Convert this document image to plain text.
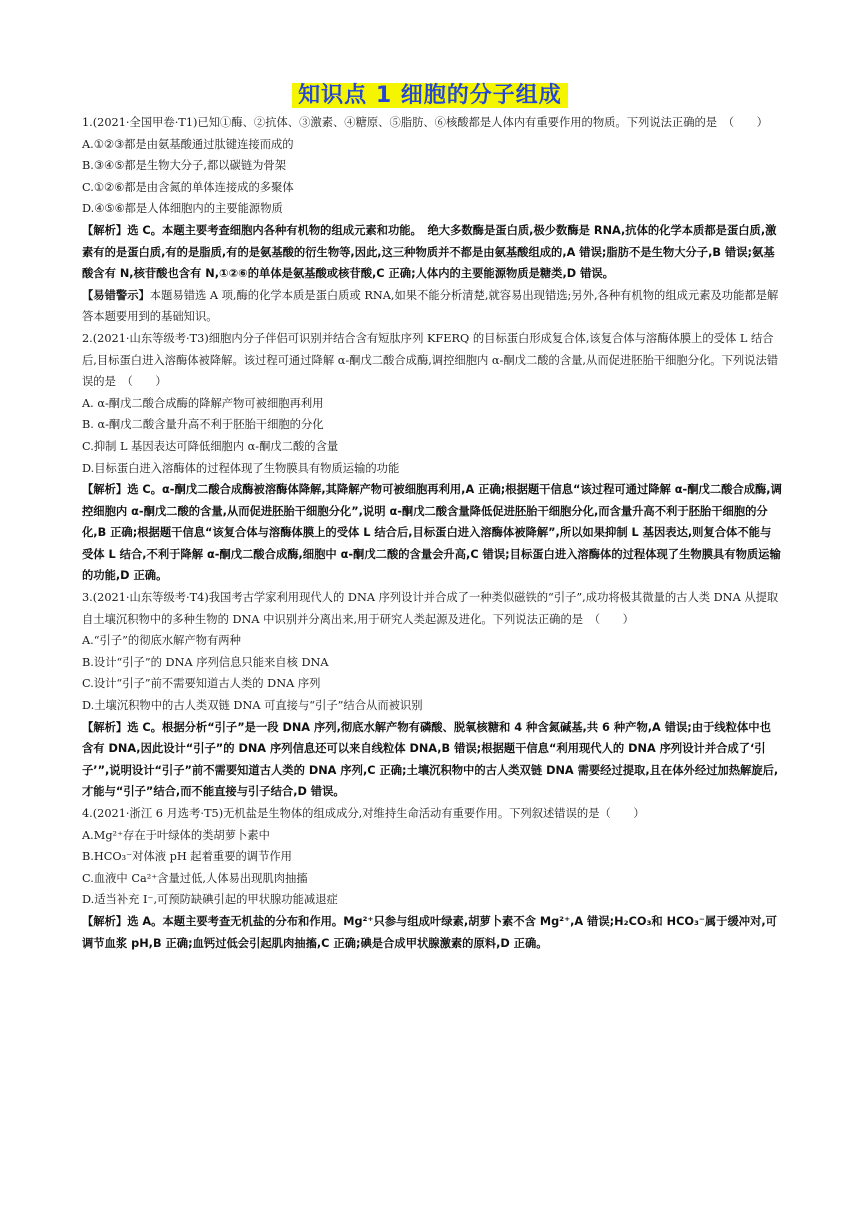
知识点 1 细胞的分子组成

1.(2021·全国甲卷·T1)已知①酶、②抗体、③激素、④糖原、⑤脂肪、⑥核酸都是人体内有重要作用的物质。下列说法正确的是　（　　）

A.①②③都是由氨基酸通过肽键连接而成的

B.③④⑤都是生物大分子,都以碳链为骨架

C.①②⑥都是由含氮的单体连接成的多聚体

D.④⑤⑥都是人体细胞内的主要能源物质

【解析】选 C。本题主要考查细胞内各种有机物的组成元素和功能。　绝大多数酶是蛋白质,极少数酶是 RNA,抗体的化学本质都是蛋白质,激素有的是蛋白质,有的是脂质,有的是氨基酸的衍生物等,因此,这三种物质并不都是由氨基酸组成的,A 错误;脂肪不是生物大分子,B 错误;氨基酸含有 N,核苷酸也含有 N,①②⑥的单体是氨基酸或核苷酸,C 正确;人体内的主要能源物质是糖类,D 错误。

【易错警示】本题易错选 A 项,酶的化学本质是蛋白质或 RNA,如果不能分析清楚,就容易出现错选;另外,各种有机物的组成元素及功能都是解答本题要用到的基础知识。

2.(2021·山东等级考·T3)细胞内分子伴侣可识别并结合含有短肽序列 KFERQ 的目标蛋白形成复合体,该复合体与溶酶体膜上的受体 L 结合后,目标蛋白进入溶酶体被降解。该过程可通过降解 α-酮戊二酸合成酶,调控细胞内 α-酮戊二酸的含量,从而促进胚胎干细胞分化。下列说法错误的是　（　　）

A. α-酮戊二酸合成酶的降解产物可被细胞再利用

B. α-酮戊二酸含量升高不利于胚胎干细胞的分化

C.抑制 L 基因表达可降低细胞内 α-酮戊二酸的含量

D.目标蛋白进入溶酶体的过程体现了生物膜具有物质运输的功能

【解析】选 C。α-酮戊二酸合成酶被溶酶体降解,其降解产物可被细胞再利用,A 正确;根据题干信息“该过程可通过降解 α-酮戊二酸合成酶,调控细胞内 α-酮戊二酸的含量,从而促进胚胎干细胞分化”,说明 α-酮戊二酸含量降低促进胚胎干细胞分化,而含量升高不利于胚胎干细胞的分化,B 正确;根据题干信息“该复合体与溶酶体膜上的受体 L 结合后,目标蛋白进入溶酶体被降解”,所以如果抑制 L 基因表达,则复合体不能与受体 L 结合,不利于降解 α-酮戊二酸合成酶,细胞中 α-酮戊二酸的含量会升高,C 错误;目标蛋白进入溶酶体的过程体现了生物膜具有物质运输的功能,D 正确。

3.(2021·山东等级考·T4)我国考古学家利用现代人的 DNA 序列设计并合成了一种类似磁铁的“引子”,成功将极其微量的古人类 DNA 从提取自土壤沉积物中的多种生物的 DNA 中识别并分离出来,用于研究人类起源及进化。下列说法正确的是　（　　）

A.“引子”的彻底水解产物有两种

B.设计“引子”的 DNA 序列信息只能来自核 DNA

C.设计“引子”前不需要知道古人类的 DNA 序列

D.土壤沉积物中的古人类双链 DNA 可直接与“引子”结合从而被识别

【解析】选 C。根据分析“引子”是一段 DNA 序列,彻底水解产物有磷酸、脱氧核糖和 4 种含氮碱基,共 6 种产物,A 错误;由于线粒体中也含有 DNA,因此设计“引子”的 DNA 序列信息还可以来自线粒体 DNA,B 错误;根据题干信息“利用现代人的 DNA 序列设计并合成了‘引子’”,说明设计“引子”前不需要知道古人类的 DNA 序列,C 正确;土壤沉积物中的古人类双链 DNA 需要经过提取,且在体外经过加热解旋后,才能与“引子”结合,而不能直接与引子结合,D 错误。

4.(2021·浙江 6 月选考·T5)无机盐是生物体的组成成分,对维持生命活动有重要作用。下列叙述错误的是（　　）

A.Mg²⁺存在于叶绿体的类胡萝卜素中

B.HCO₃⁻对体液 pH 起着重要的调节作用

C.血液中 Ca²⁺含量过低,人体易出现肌肉抽搐

D.适当补充 I⁻,可预防缺碘引起的甲状腺功能减退症

【解析】选 A。本题主要考查无机盐的分布和作用。Mg²⁺只参与组成叶绿素,胡萝卜素不含 Mg²⁺,A 错误;H₂CO₃和 HCO₃⁻属于缓冲对,可调节血浆 pH,B 正确;血钙过低会引起肌肉抽搐,C 正确;碘是合成甲状腺激素的原料,D 正确。
